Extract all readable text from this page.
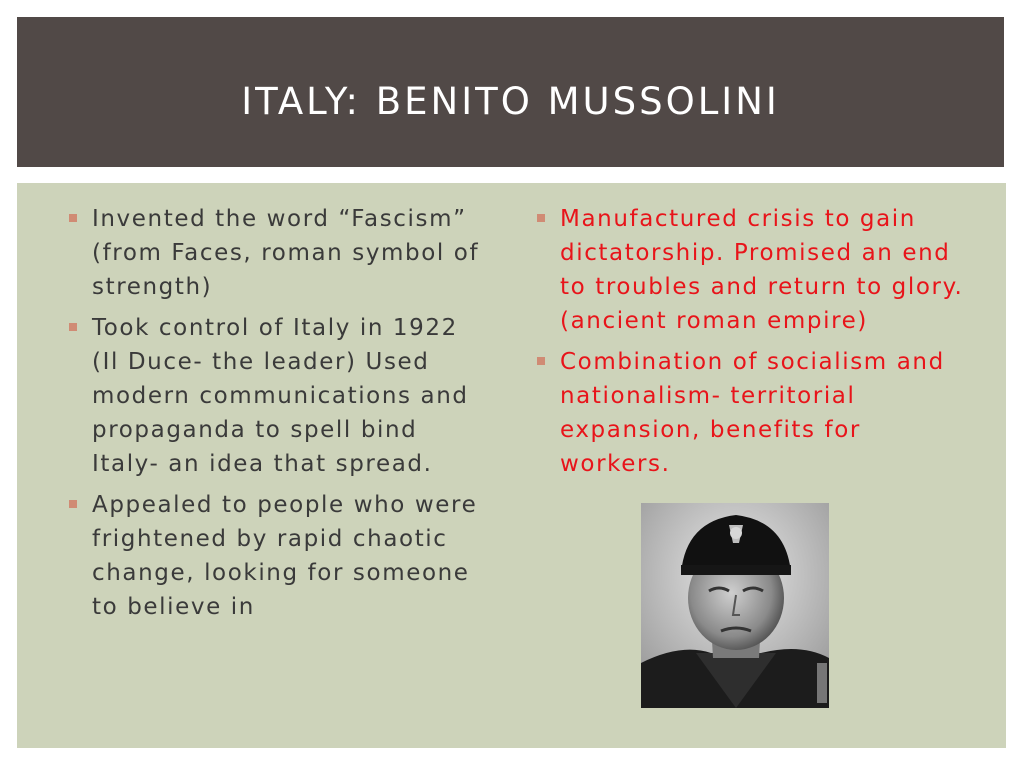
ITALY: BENITO MUSSOLINI
Invented the word “Fascism” (from Faces, roman symbol of strength)
Took control of Italy in 1922 (Il Duce- the leader) Used modern communications and propaganda to spell bind Italy- an idea that spread.
Appealed to people who were frightened by rapid chaotic change, looking for someone to believe in
Manufactured crisis to gain dictatorship. Promised an end to troubles and return to glory. (ancient roman empire)
Combination of socialism and nationalism- territorial expansion, benefits for workers.
